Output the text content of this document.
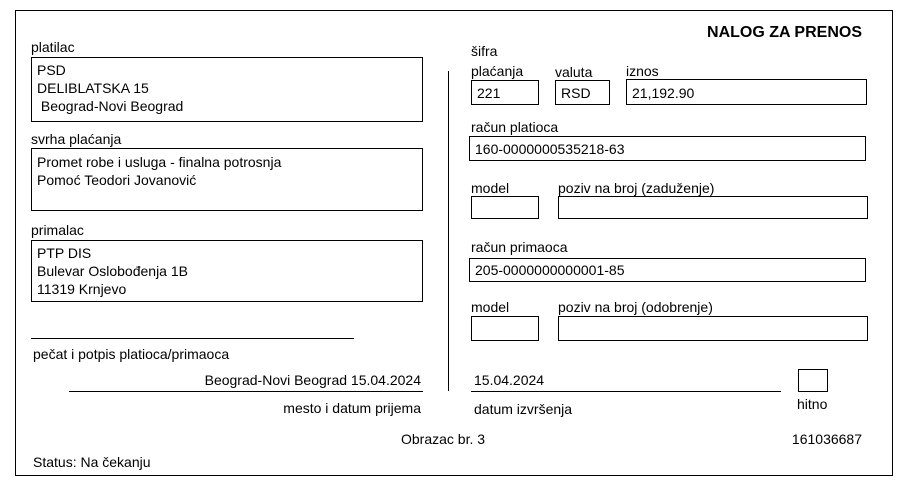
NALOG ZA PRENOS
platilac
PSD
DELIBLATSKA 15
Beograd-Novi Beograd
svrha plaćanja
Promet robe i usluga - finalna potrosnja
Pomoć Teodori Jovanović
primalac
PTP DIS
Bulevar Oslobođenja 1B
11319 Krnjevo
pečat i potpis platioca/primaoca
Beograd-Novi Beograd 15.04.2024
mesto i datum prijema
šifra
plaćanja
221
valuta
RSD
iznos
21,192.90
račun platioca
160-0000000535218-63
model	poziv na broj (zaduženje)
račun primaoca
205-0000000000001-85
model	poziv na broj (odobrenje)
15.04.2024
datum izvršenja	hitno
Obrazac br. 3	161036687
Status: Na čekanju
